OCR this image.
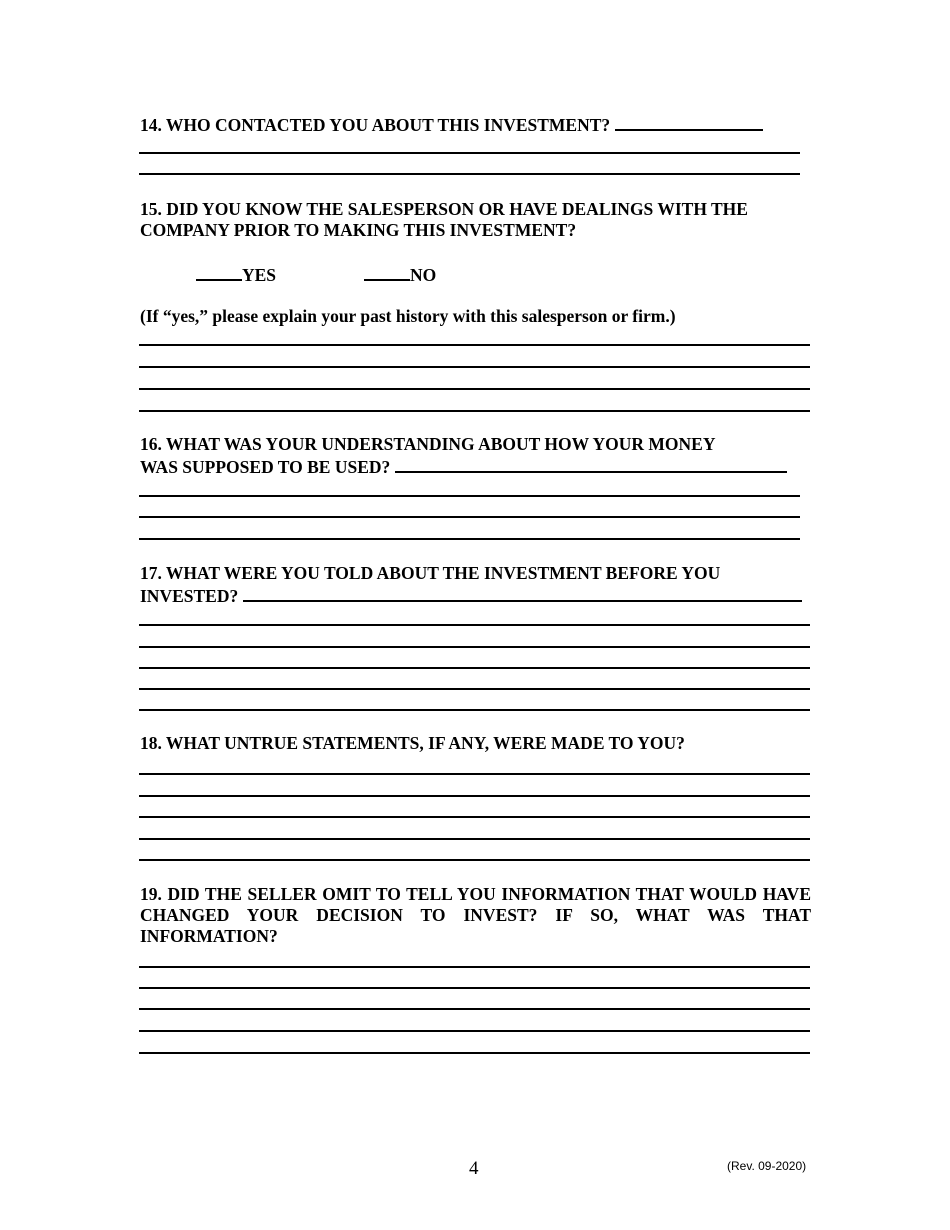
14. WHO CONTACTED YOU ABOUT THIS INVESTMENT?

15. DID YOU KNOW THE SALESPERSON OR HAVE DEALINGS WITH THE
COMPANY PRIOR TO MAKING THIS INVESTMENT?

YES	NO

(If “yes,” please explain your past history with this salesperson or firm.)

16. WHAT WAS YOUR UNDERSTANDING ABOUT HOW YOUR MONEY
WAS SUPPOSED TO BE USED?

17. WHAT WERE YOU TOLD ABOUT THE INVESTMENT BEFORE YOU
INVESTED?

18. WHAT UNTRUE STATEMENTS, IF ANY, WERE MADE TO YOU?

19. DID THE SELLER OMIT TO TELL YOU INFORMATION THAT WOULD HAVE CHANGED YOUR DECISION TO INVEST? IF SO, WHAT WAS THAT INFORMATION?

4	(Rev. 09-2020)
